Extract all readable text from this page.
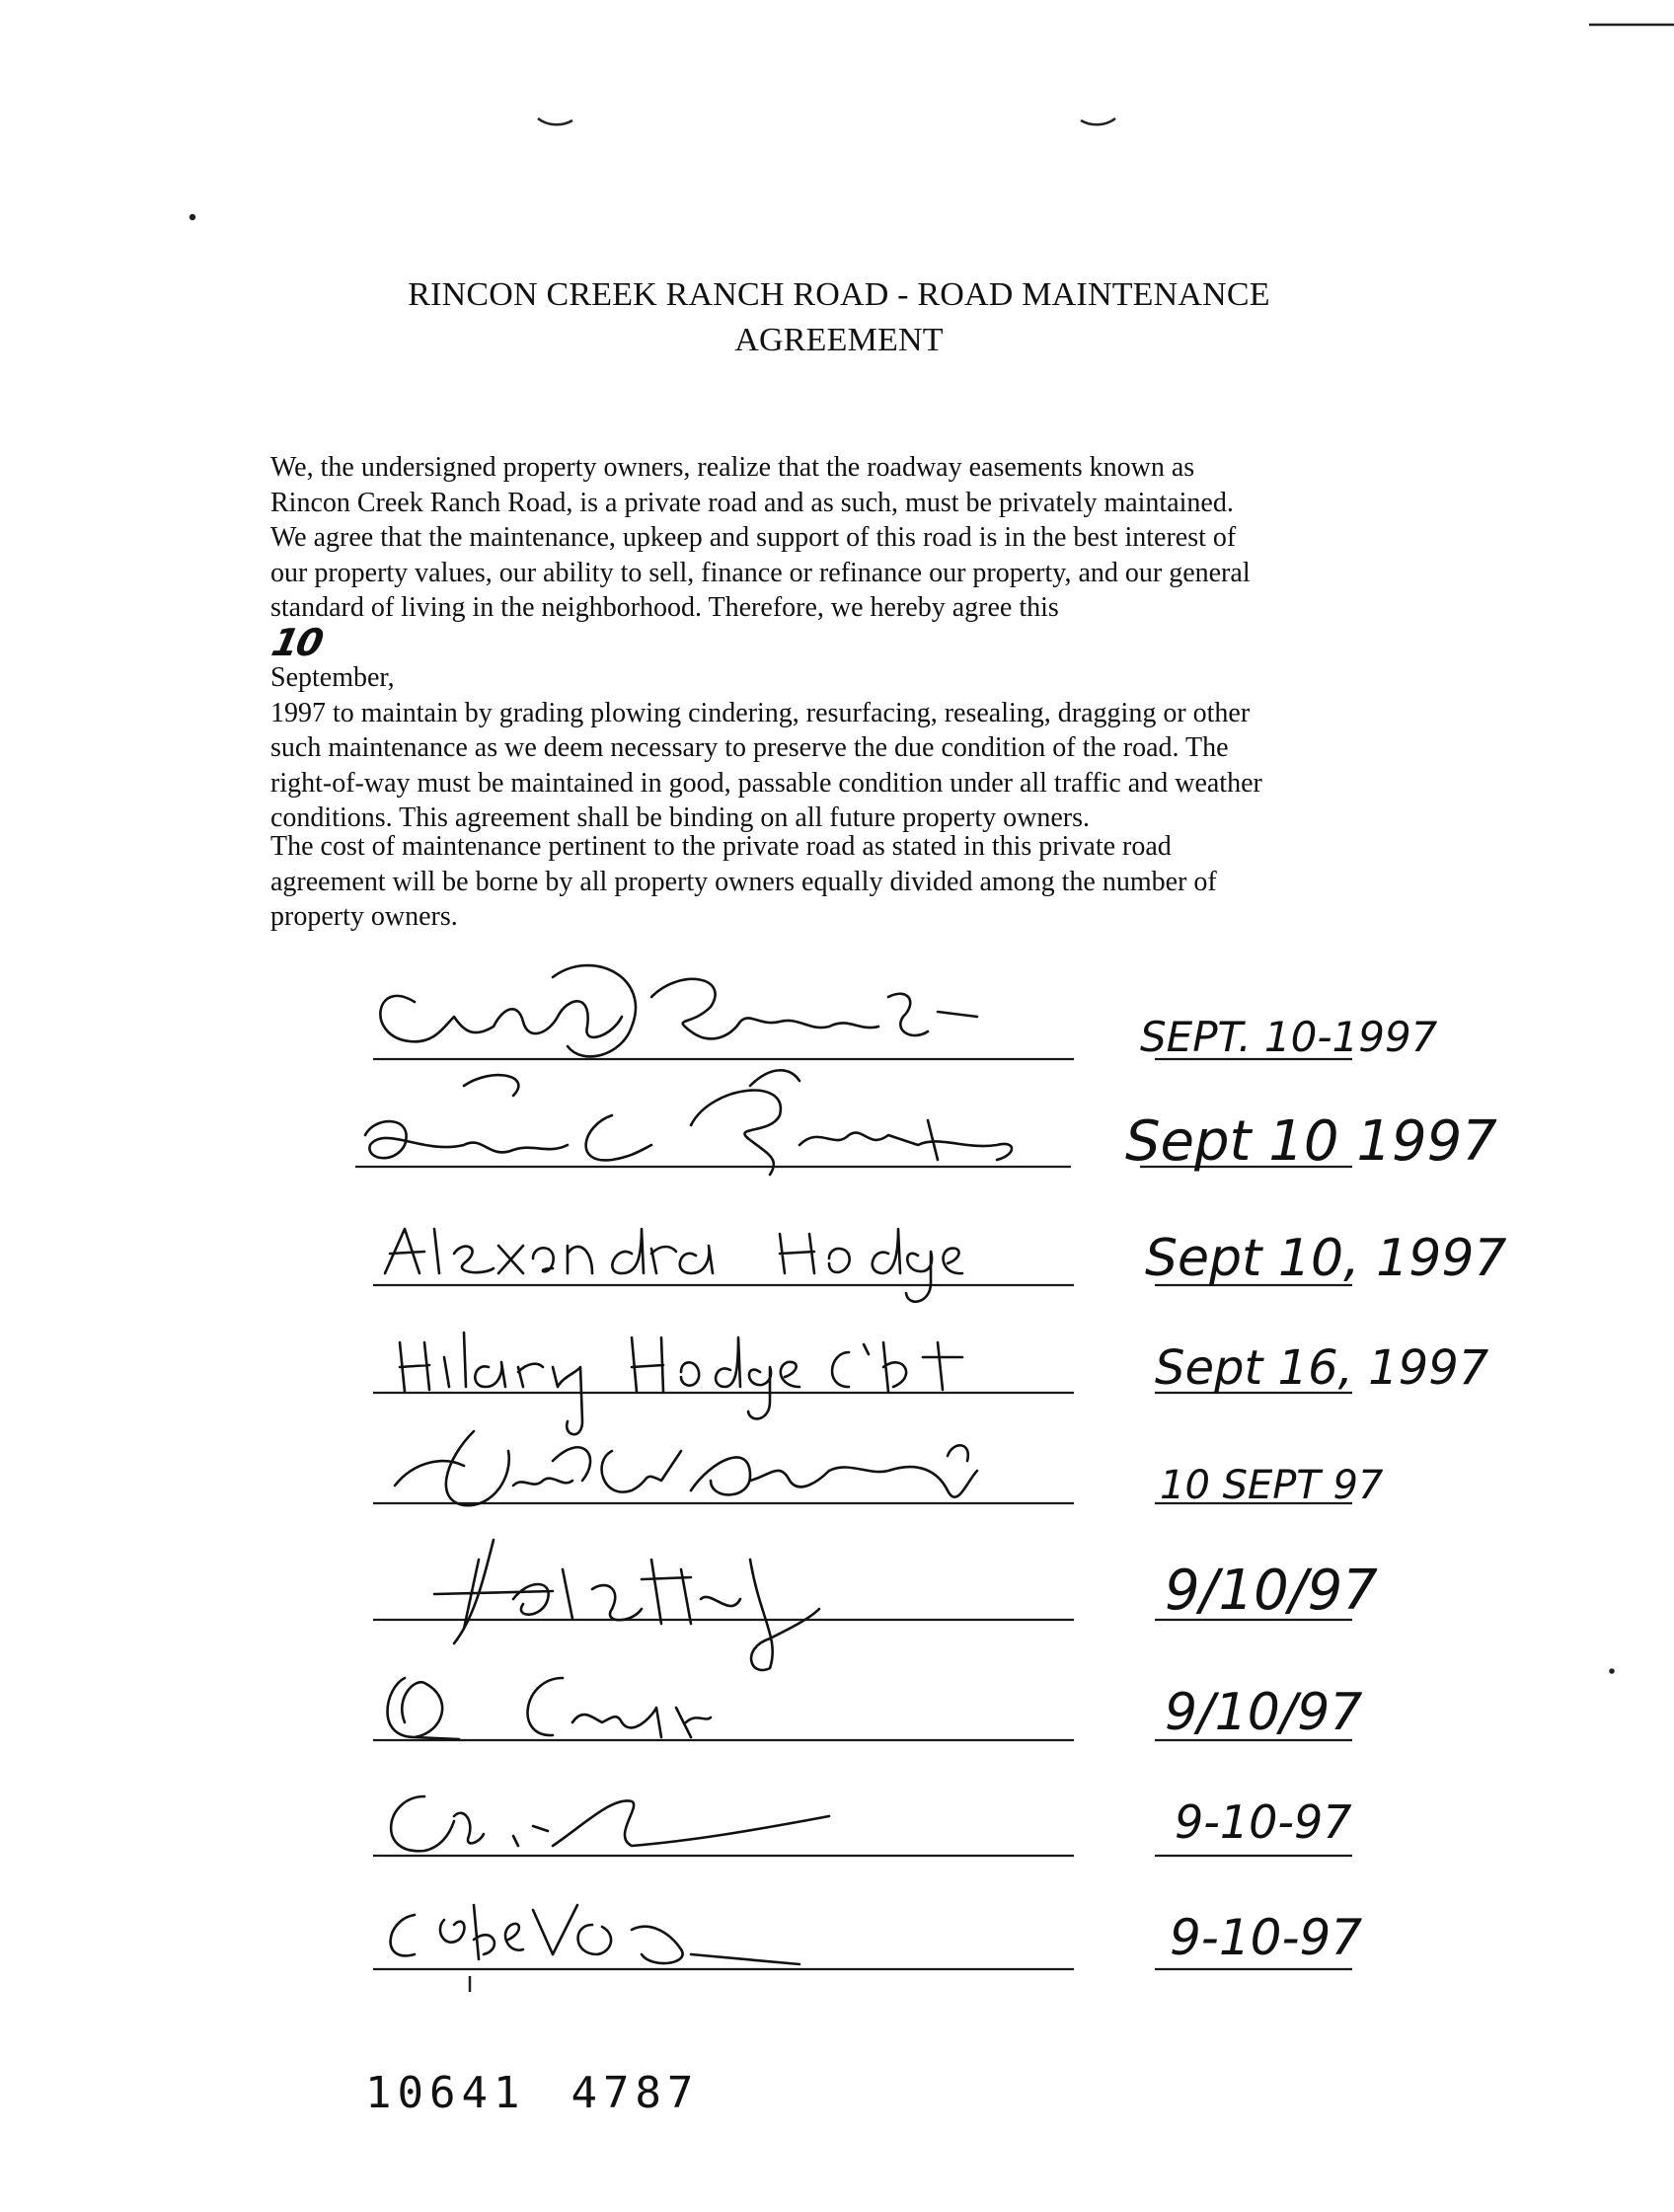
RINCON CREEK RANCH ROAD - ROAD MAINTENANCE
AGREEMENT

We, the undersigned property owners, realize that the roadway easements known as
Rincon Creek Ranch Road, is a private road and as such, must be privately maintained.
We agree that the maintenance, upkeep and support of this road is in the best interest of
our property values, our ability to sell, finance or refinance our property, and our general
standard of living in the neighborhood. Therefore, we hereby agree this
10
September,
1997 to maintain by grading plowing cindering, resurfacing, resealing, dragging or other
such maintenance as we deem necessary to preserve the due condition of the road. The
right-of-way must be maintained in good, passable condition under all traffic and weather
conditions. This agreement shall be binding on all future property owners.

The cost of maintenance pertinent to the private road as stated in this private road
agreement will be borne by all property owners equally divided among the number of
property owners.

SEPT. 10-1997
Sept 10 1997
Sept 10, 1997
Sept 16, 1997
10 SEPT 97
9/10/97
9/10/97
9-10-97
9-10-97

10641 4787
